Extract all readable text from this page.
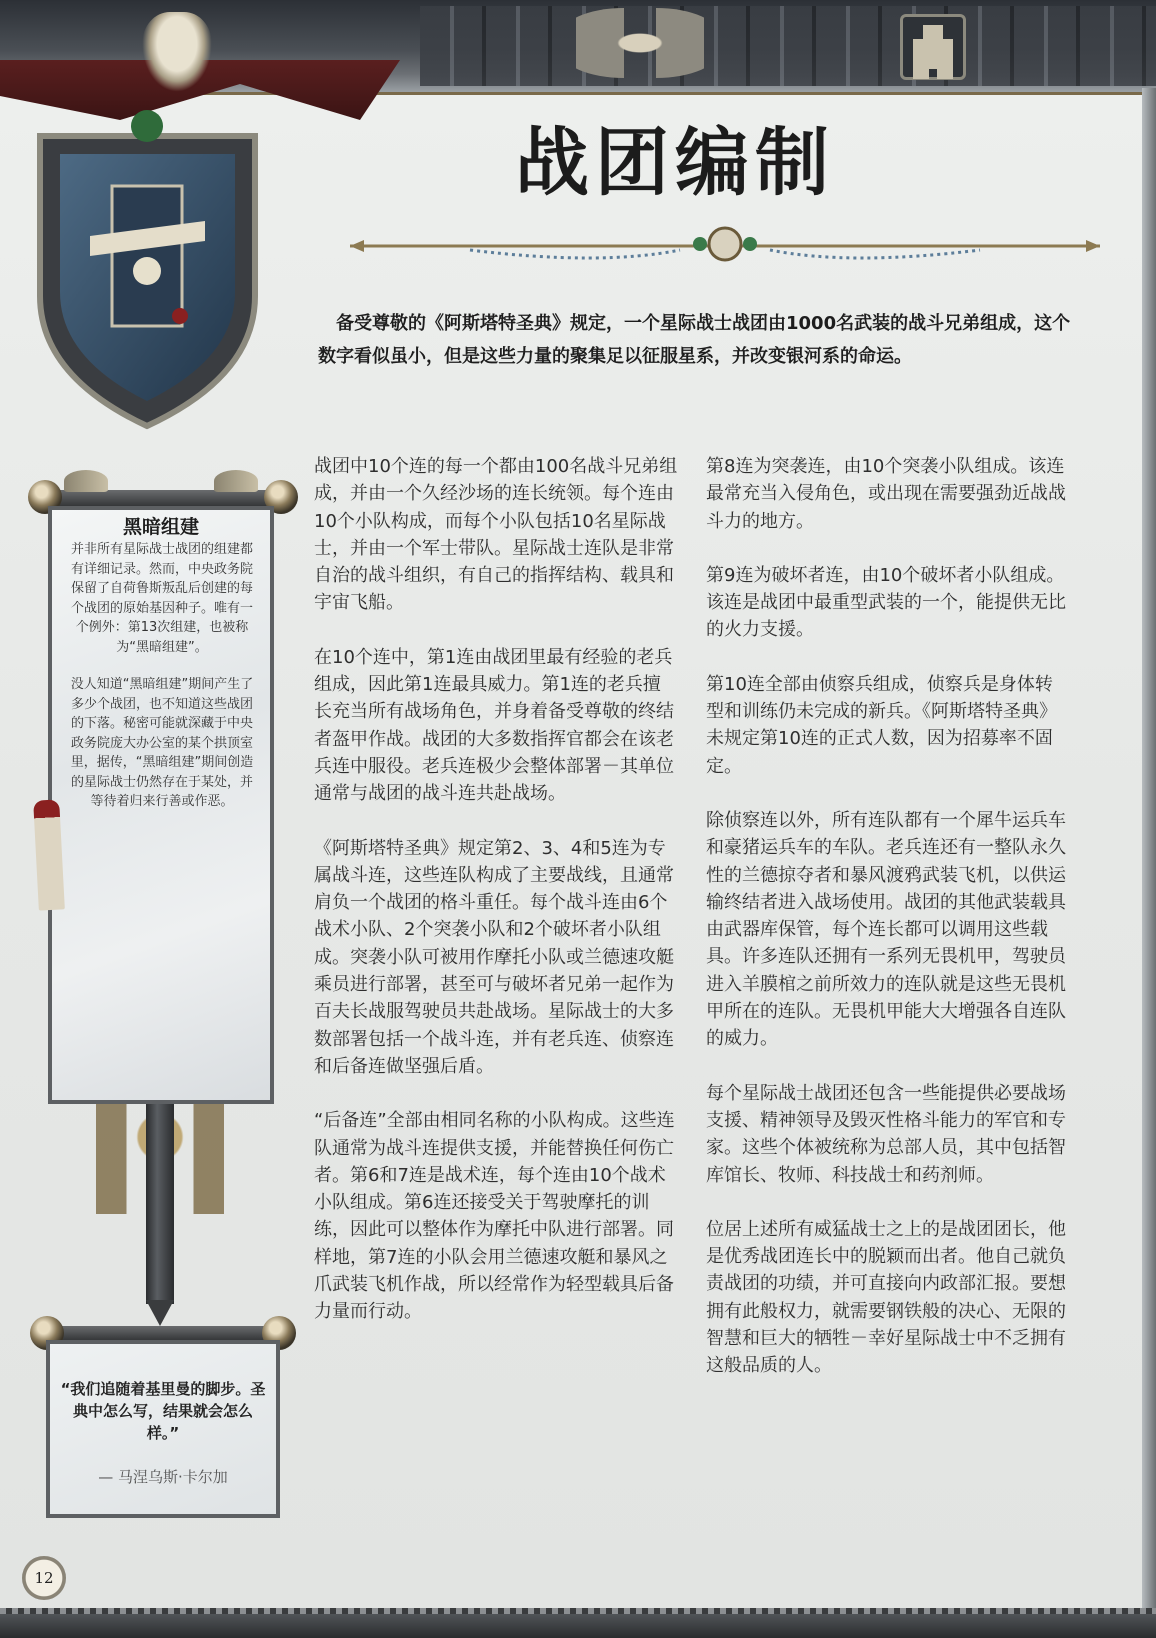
战团编制

备受尊敬的《阿斯塔特圣典》规定，一个星际战士战团由1000名武装的战斗兄弟组成，这个数字看似虽小，但是这些力量的聚集足以征服星系，并改变银河系的命运。

黑暗组建

并非所有星际战士战团的组建都有详细记录。然而，中央政务院保留了自荷鲁斯叛乱后创建的每个战团的原始基因种子。唯有一个例外：第13次组建，也被称为“黑暗组建”。

没人知道“黑暗组建”期间产生了多少个战团，也不知道这些战团的下落。秘密可能就深藏于中央政务院庞大办公室的某个拱顶室里，据传，“黑暗组建”期间创造的星际战士仍然存在于某处，并等待着归来行善或作恶。

“我们追随着基里曼的脚步。圣典中怎么写，结果就会怎么样。”
— 马涅乌斯·卡尔加

战团中10个连的每一个都由100名战斗兄弟组成，并由一个久经沙场的连长统领。每个连由10个小队构成，而每个小队包括10名星际战士，并由一个军士带队。星际战士连队是非常自治的战斗组织，有自己的指挥结构、载具和宇宙飞船。

在10个连中，第1连由战团里最有经验的老兵组成，因此第1连最具威力。第1连的老兵擅长充当所有战场角色，并身着备受尊敬的终结者盔甲作战。战团的大多数指挥官都会在该老兵连中服役。老兵连极少会整体部署－其单位通常与战团的战斗连共赴战场。

《阿斯塔特圣典》规定第2、3、4和5连为专属战斗连，这些连队构成了主要战线，且通常肩负一个战团的格斗重任。每个战斗连由6个战术小队、2个突袭小队和2个破坏者小队组成。突袭小队可被用作摩托小队或兰德速攻艇乘员进行部署，甚至可与破坏者兄弟一起作为百夫长战服驾驶员共赴战场。星际战士的大多数部署包括一个战斗连，并有老兵连、侦察连和后备连做坚强后盾。

“后备连”全部由相同名称的小队构成。这些连队通常为战斗连提供支援，并能替换任何伤亡者。第6和7连是战术连，每个连由10个战术小队组成。第6连还接受关于驾驶摩托的训练，因此可以整体作为摩托中队进行部署。同样地，第7连的小队会用兰德速攻艇和暴风之爪武装飞机作战，所以经常作为轻型载具后备力量而行动。

第8连为突袭连，由10个突袭小队组成。该连最常充当入侵角色，或出现在需要强劲近战战斗力的地方。

第9连为破坏者连，由10个破坏者小队组成。该连是战团中最重型武装的一个，能提供无比的火力支援。

第10连全部由侦察兵组成，侦察兵是身体转型和训练仍未完成的新兵。《阿斯塔特圣典》未规定第10连的正式人数，因为招募率不固定。

除侦察连以外，所有连队都有一个犀牛运兵车和豪猪运兵车的车队。老兵连还有一整队永久性的兰德掠夺者和暴风渡鸦武装飞机，以供运输终结者进入战场使用。战团的其他武装载具由武器库保管，每个连长都可以调用这些载具。许多连队还拥有一系列无畏机甲，驾驶员进入羊膜棺之前所效力的连队就是这些无畏机甲所在的连队。无畏机甲能大大增强各自连队的威力。

每个星际战士战团还包含一些能提供必要战场支援、精神领导及毁灭性格斗能力的军官和专家。这些个体被统称为总部人员，其中包括智库馆长、牧师、科技战士和药剂师。

位居上述所有威猛战士之上的是战团团长，他是优秀战团连长中的脱颖而出者。他自己就负责战团的功绩，并可直接向内政部汇报。要想拥有此般权力，就需要钢铁般的决心、无限的智慧和巨大的牺牲－幸好星际战士中不乏拥有这般品质的人。

12
